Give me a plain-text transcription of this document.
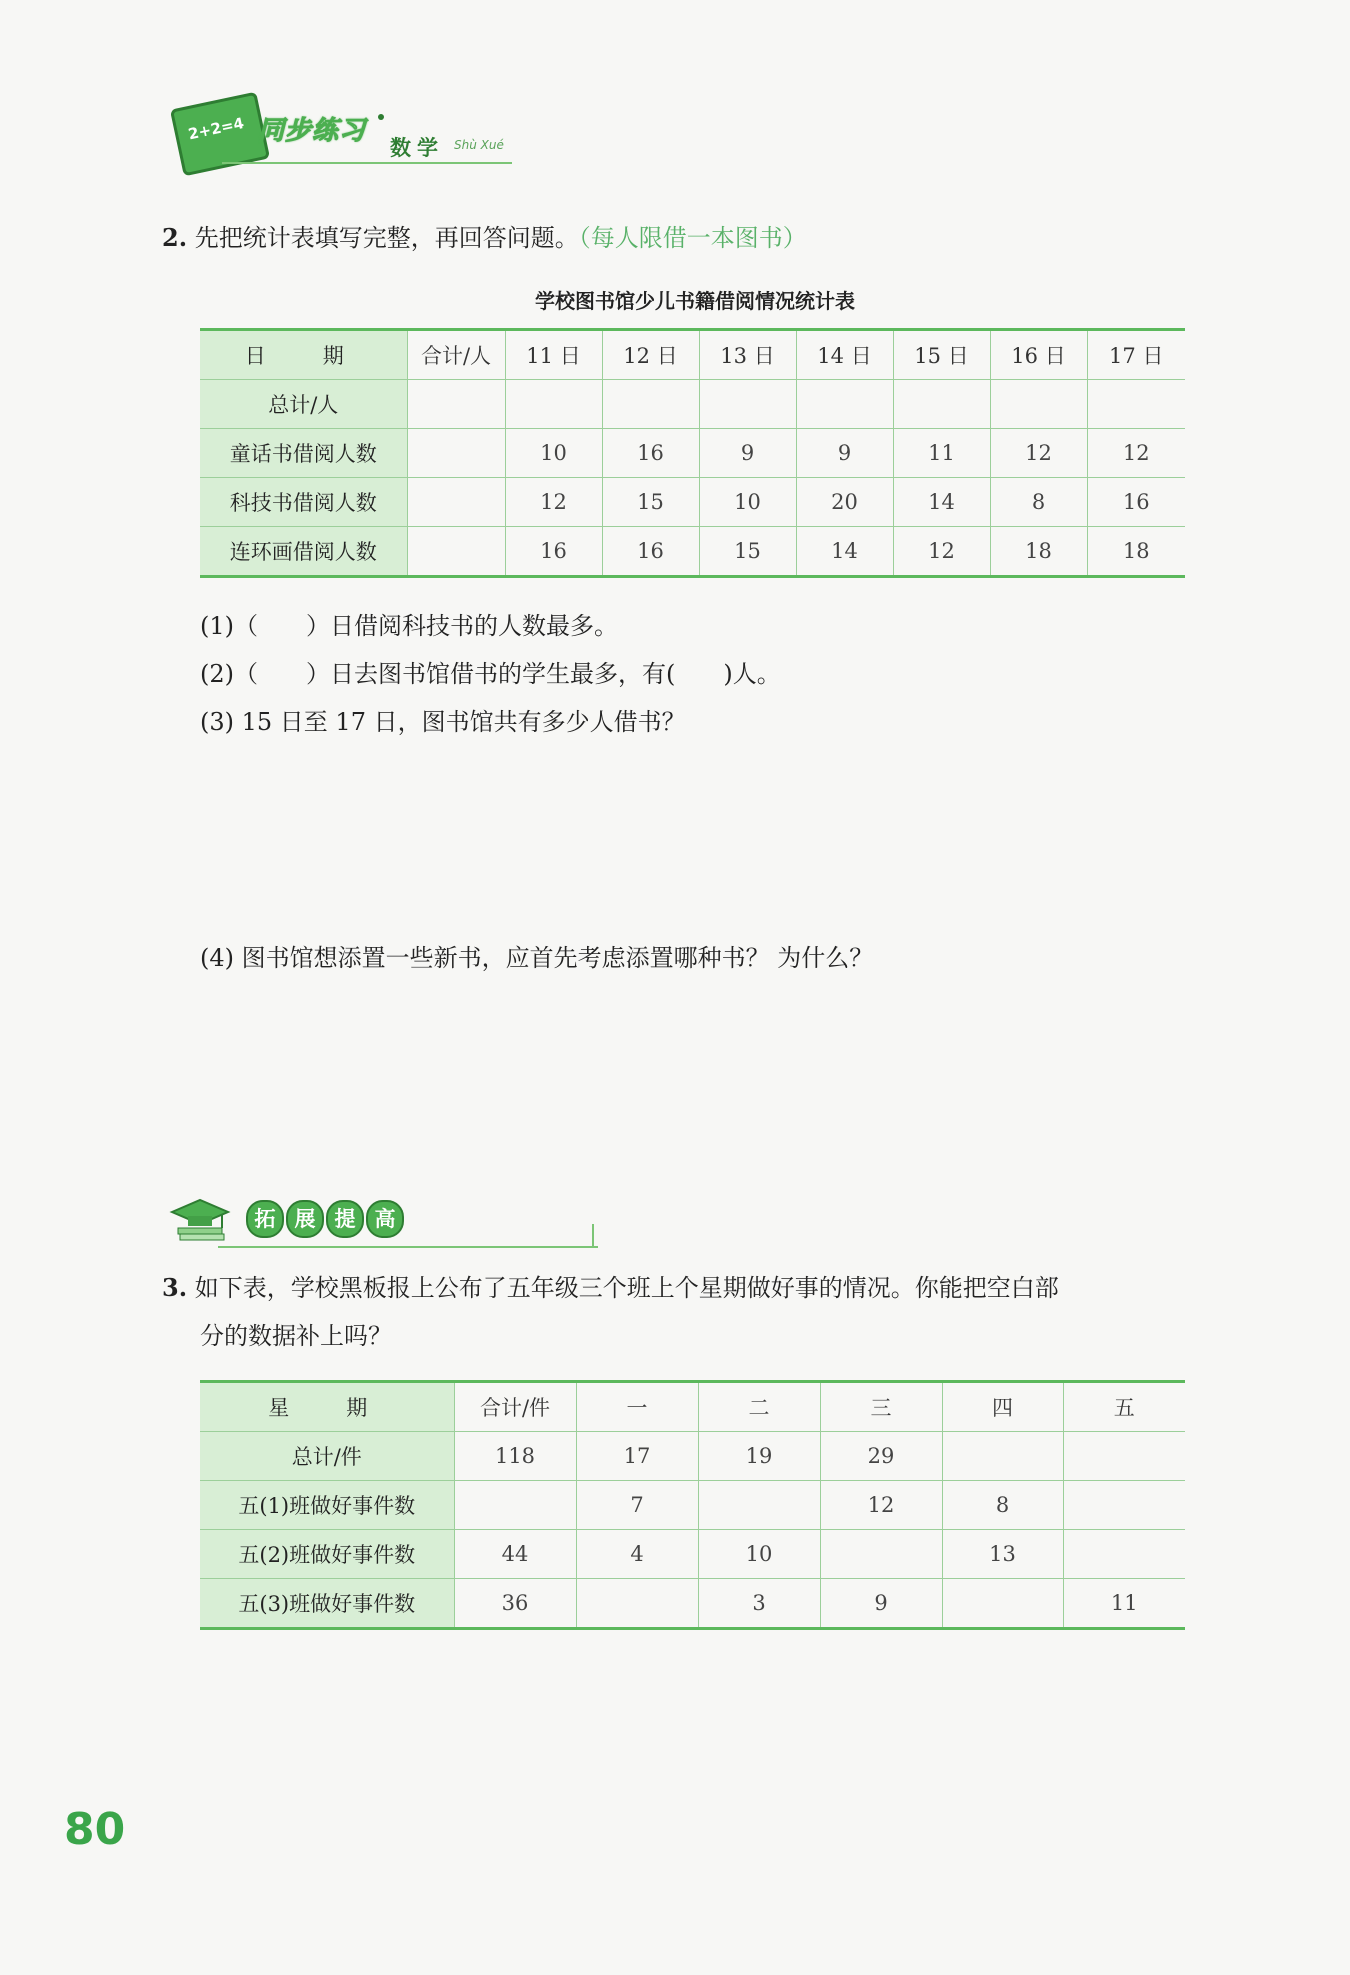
2+2=4 同步练习
数学 Shù Xué
2. 先把统计表填写完整，再回答问题。（每人限借一本图书）
学校图书馆少儿书籍借阅情况统计表
日　期	合计/人	11 日	12 日	13 日	14 日	15 日	16 日	17 日
总计/人								
童话书借阅人数		10	16	9	9	11	12	12
科技书借阅人数		12	15	10	20	14	8	16
连环画借阅人数		16	16	15	14	12	18	18
(1)（　　）日借阅科技书的人数最多。
(2)（　　）日去图书馆借书的学生最多，有(　　)人。
(3) 15 日至 17 日，图书馆共有多少人借书？
(4) 图书馆想添置一些新书，应首先考虑添置哪种书？ 为什么？
拓 展 提 高
3. 如下表，学校黑板报上公布了五年级三个班上个星期做好事的情况。你能把空白部
分的数据补上吗？
星　期	合计/件	一	二	三	四	五
总计/件	118	17	19	29		
五(1)班做好事件数		7		12	8	
五(2)班做好事件数	44	4	10		13	
五(3)班做好事件数	36		3	9		11
80
